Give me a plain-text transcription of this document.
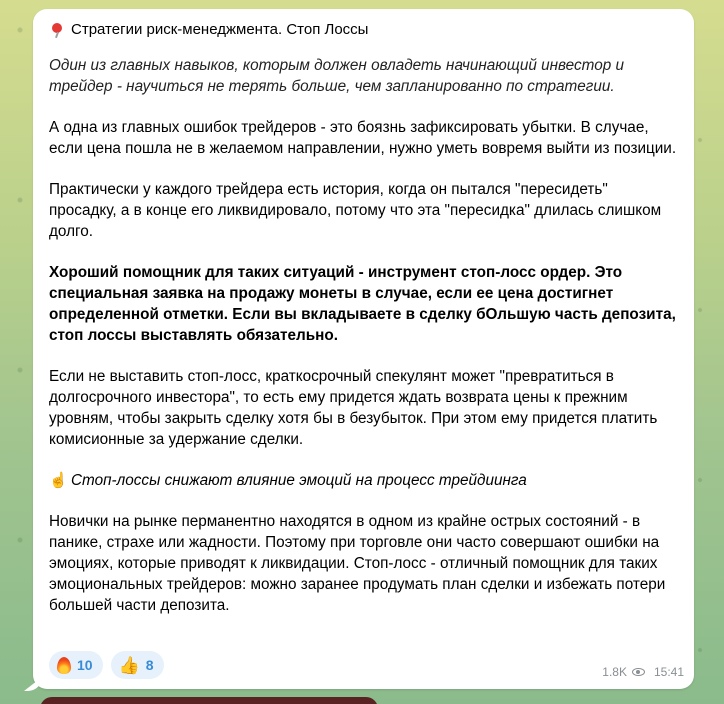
Стратегии риск-менеджмента. Стоп Лоссы

Один из главных навыков, которым должен овладеть начинающий инвестор и трейдер - научиться не терять больше, чем запланированно по стратегии.

А одна из главных ошибок трейдеров - это боязнь зафиксировать убытки. В случае, если цена пошла не в желаемом направлении, нужно уметь вовремя выйти из позиции.

Практически у каждого трейдера есть история, когда он пытался "пересидеть" просадку, а в конце его ликвидировало, потому что эта "пересидка" длилась слишком долго.

Хороший помощник для таких ситуаций - инструмент стоп-лосс ордер. Это специальная заявка на продажу монеты в случае, если ее цена достигнет определенной отметки. Если вы вкладываете в сделку бОльшую часть депозита, стоп лоссы выставлять обязательно.

Если не выставить стоп-лосс, краткосрочный спекулянт может "превратиться в долгосрочного инвестора", то есть ему придется ждать возврата цены к прежним уровням, чтобы закрыть сделку хотя бы в безубыток. При этом ему придется платить комисионные за удержание сделки.

☝ Стоп-лоссы снижают влияние эмоций на процесс трейдиинга

Новички на рынке перманентно находятся в одном из крайне острых состояний - в панике, страхе или жадности. Поэтому при торговле они часто совершают ошибки на эмоциях, которые приводят к ликвидации. Стоп-лосс - отличный помощник для таких эмоциональных трейдеров: можно заранее продумать план сделки и избежать потери большей части депозита.

10 👍 8	1.8K 15:41
